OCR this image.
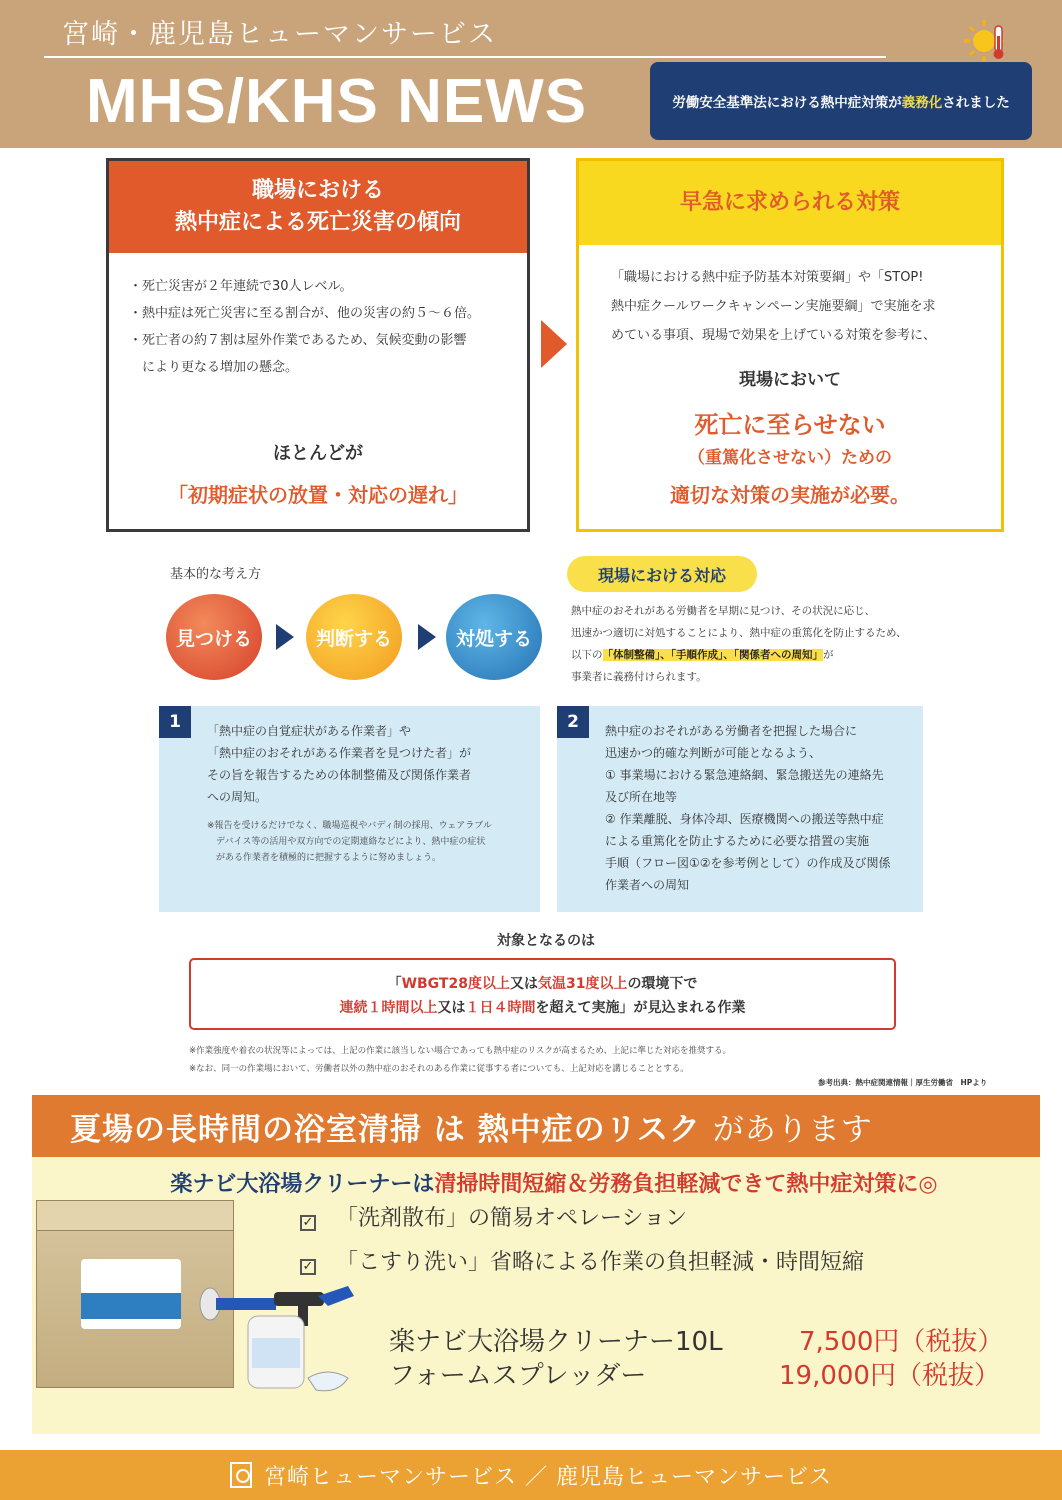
宮崎・鹿児島ヒューマンサービス
MHS/KHS NEWS	労働安全基準法における熱中症対策が 義務化 されました
職場における
熱中症による死亡災害の傾向
・死亡災害が２年連続で30人レベル。
・熱中症は死亡災害に至る割合が、他の災害の約５～６倍。
・死亡者の約７割は屋外作業であるため、気候変動の影響
　により更なる増加の懸念。
ほとんどが
「初期症状の放置・対応の遅れ」
早急に求められる対策
「職場における熱中症予防基本対策要綱」や「STOP!
熱中症クールワークキャンペーン実施要綱」で実施を求
めている事項、現場で効果を上げている対策を参考に、
現場において
死亡に至らせない
（重篤化させない）ための
適切な対策の実施が必要。
基本的な考え方
見つける	判断する	対処する
現場における対応
熱中症のおそれがある労働者を早期に見つけ、その状況に応じ、
迅速かつ適切に対処することにより、熱中症の重篤化を防止するため、
以下の「体制整備」、「手順作成」、「関係者への周知」が
事業者に義務付けられます。
1	「熱中症の自覚症状がある作業者」や
「熱中症のおそれがある作業者を見つけた者」が
その旨を報告するための体制整備及び関係作業者
への周知。
※報告を受けるだけでなく、職場巡視やバディ制の採用、ウェアラブル
　デバイス等の活用や双方向での定期連絡などにより、熱中症の症状
　がある作業者を積極的に把握するように努めましょう。
2	熱中症のおそれがある労働者を把握した場合に
迅速かつ的確な判断が可能となるよう、
① 事業場における緊急連絡網、緊急搬送先の連絡先
及び所在地等
② 作業離脱、身体冷却、医療機関への搬送等熱中症
による重篤化を防止するために必要な措置の実施
手順（フロー図①②を参考例として）の作成及び関係
作業者への周知
対象となるのは
「WBGT28度以上又は気温31度以上の環境下で
連続１時間以上又は１日４時間を超えて実施」が見込まれる作業
※作業強度や着衣の状況等によっては、上記の作業に該当しない場合であっても熱中症のリスクが高まるため、上記に準じた対応を推奨する。
※なお、同一の作業場において、労働者以外の熱中症のおそれのある作業に従事する者についても、上記対応を講じることとする。
参考出典：熱中症関連情報｜厚生労働省　HPより
夏場の長時間の浴室清掃 は 熱中症のリスク
があります
楽ナビ大浴場クリーナーは清掃時間短縮＆労務負担軽減できて熱中症対策に◎
✓ 「洗剤散布」の簡易オペレーション
✓ 「こすり洗い」省略による作業の負担軽減・時間短縮
楽ナビ大浴場クリーナー10L	7,500円（税抜）
フォームスプレッダー	19,000円（税抜）
宮崎ヒューマンサービス ／ 鹿児島ヒューマンサービス
